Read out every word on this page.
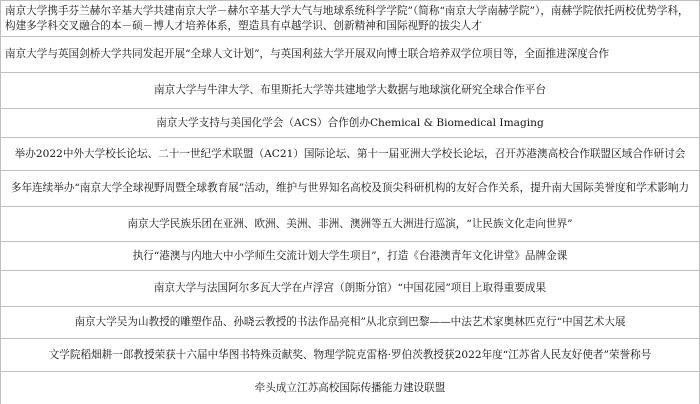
南京大学携手芬兰赫尔辛基大学共建南京大学－赫尔辛基大学大气与地球系统科学学院”（简称“南京大学南赫学院”），南赫学院依托两校优势学科，构建多学科交叉融合的本－硕－博人才培养体系，塑造具有卓越学识、创新精神和国际视野的拔尖人才
南京大学与英国剑桥大学共同发起开展“全球人文计划”，与英国利兹大学开展双向博士联合培养双学位项目等，全面推进深度合作
南京大学与牛津大学、布里斯托大学等共建地学大数据与地球演化研究全球合作平台
南京大学支持与美国化学会（ACS）合作创办Chemical & Biomedical Imaging
举办2022中外大学校长论坛、二十一世纪学术联盟（AC21）国际论坛、第十一届亚洲大学校长论坛，召开苏港澳高校合作联盟区域合作研讨会
多年连续举办“南京大学全球视野周暨全球教育展”活动，维护与世界知名高校及顶尖科研机构的友好合作关系，提升南大国际美誉度和学术影响力
南京大学民族乐团在亚洲、欧洲、美洲、非洲、澳洲等五大洲进行巡演，“让民族文化走向世界”
执行“港澳与内地大中小学师生交流计划大学生项目”，打造《台港澳青年文化讲堂》品牌金课
南京大学与法国阿尔多瓦大学在卢浮宫（朗斯分馆）“中国花园”项目上取得重要成果
南京大学吴为山教授的雕塑作品、孙晓云教授的书法作品亮相”从北京到巴黎——中法艺术家奥林匹克行“中国艺术大展
文学院稻畑耕一郎教授荣获十六届中华图书特殊贡献奖、物理学院克雷格·罗伯茨教授获2022年度“江苏省人民友好使者”荣誉称号
牵头成立江苏高校国际传播能力建设联盟
